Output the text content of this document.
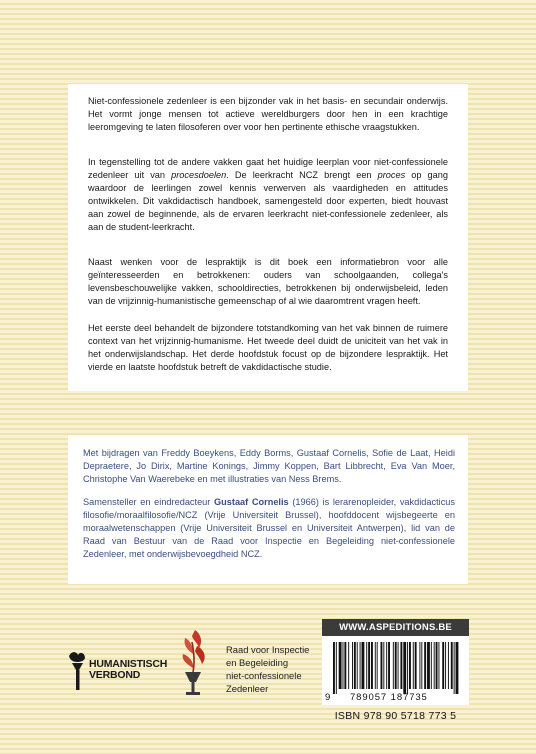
Niet-confessionele zedenleer is een bijzonder vak in het basis- en secundair onderwijs. Het vormt jonge mensen tot actieve wereldburgers door hen in een krachtige leeromgeving te laten filosoferen over voor hen pertinente ethische vraagstukken.

In tegenstelling tot de andere vakken gaat het huidige leerplan voor niet-confessionele zedenleer uit van procesdoelen. De leerkracht NCZ brengt een proces op gang waardoor de leerlingen zowel kennis verwerven als vaardigheden en attitudes ontwikkelen. Dit vakdidactisch handboek, samengesteld door experten, biedt houvast aan zowel de beginnende, als de ervaren leerkracht niet-confessionele zedenleer, als aan de student-leerkracht.

Naast wenken voor de lespraktijk is dit boek een informatiebron voor alle geïnteresseerden en betrokkenen: ouders van schoolgaanden, collega's levensbeschouwelijke vakken, schooldirecties, betrokkenen bij onderwijsbeleid, leden van de vrijzinnig-humanistische gemeenschap of al wie daaromtrent vragen heeft.

Het eerste deel behandelt de bijzondere totstandkoming van het vak binnen de ruimere context van het vrijzinnig-humanisme. Het tweede deel duidt de uniciteit van het vak in het onderwijslandschap. Het derde hoofdstuk focust op de bijzondere lespraktijk. Het vierde en laatste hoofdstuk betreft de vakdidactische studie.

Met bijdragen van Freddy Boeykens, Eddy Borms, Gustaaf Cornelis, Sofie de Laat, Heidi Depraetere, Jo Dirix, Martine Konings, Jimmy Koppen, Bart Libbrecht, Eva Van Moer, Christophe Van Waerebeke en met illustraties van Ness Brems.

Samensteller en eindredacteur Gustaaf Cornelis (1966) is lerarenopleider, vakdidacticus filosofie/moraalfilosofie/NCZ (Vrije Universiteit Brussel), hoofddocent wijsbegeerte en moraalwetenschappen (Vrije Universiteit Brussel en Universiteit Antwerpen), lid van de Raad van Bestuur van de Raad voor Inspectie en Begeleiding niet-confessionele Zedenleer, met onderwijsbevoegdheid NCZ.

HUMANISTISCH
VERBOND
Raad voor Inspectie
en Begeleiding
niet-confessionele
Zedenleer
WWW.ASPEDITIONS.BE
9 789057 187735
ISBN 978 90 5718 773 5
